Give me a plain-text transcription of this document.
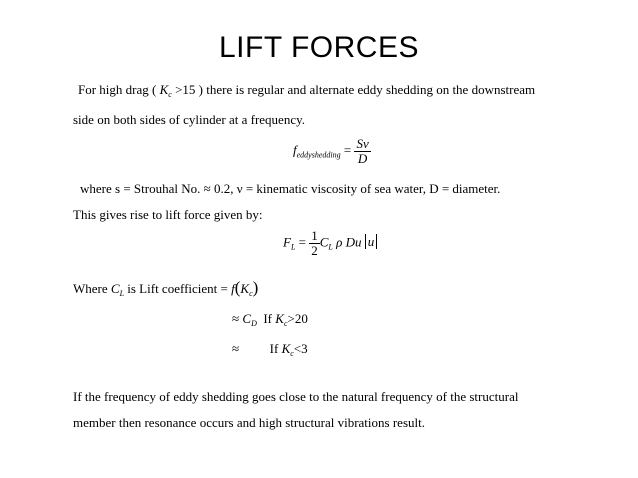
LIFT FORCES
For high drag ( $K_c >15$ ) there is regular and alternate eddy shedding on the downstream
side on both sides of cylinder at a frequency.
$f_{eddyshedding} = \frac{Sv}{D}$
where s = Strouhal No. ≈ 0.2, ν = kinematic viscosity of sea water, D = diameter.
This gives rise to lift force given by:
$F_L = \frac{1}{2} C_L$ ρ Du u
Where $C_L$ is Lift coefficient = $f(K_c)$
≈ $C_D$ If $K_c>20$
≈ If $K_c<3$
If the frequency of eddy shedding goes close to the natural frequency of the structural
member then resonance occurs and high structural vibrations result.
